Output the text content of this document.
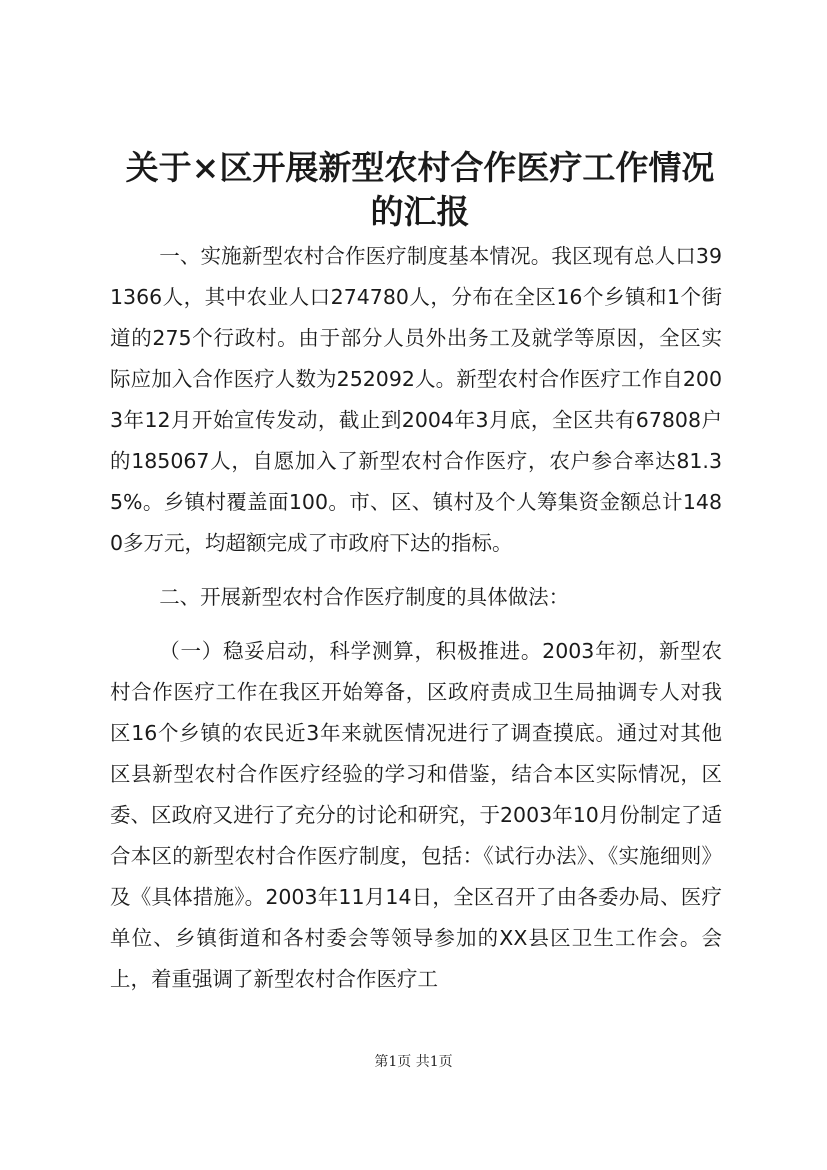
关于×区开展新型农村合作医疗工作情况的汇报

一、实施新型农村合作医疗制度基本情况。我区现有总人口391366人，其中农业人口274780人，分布在全区16个乡镇和1个街道的275个行政村。由于部分人员外出务工及就学等原因，全区实际应加入合作医疗人数为252092人。新型农村合作医疗工作自2003年12月开始宣传发动，截止到2004年3月底，全区共有67808户的185067人，自愿加入了新型农村合作医疗，农户参合率达81.35%。乡镇村覆盖面100。市、区、镇村及个人筹集资金额总计1480多万元，均超额完成了市政府下达的指标。

二、开展新型农村合作医疗制度的具体做法：

（一）稳妥启动，科学测算，积极推进。2003年初，新型农村合作医疗工作在我区开始筹备，区政府责成卫生局抽调专人对我区16个乡镇的农民近3年来就医情况进行了调查摸底。通过对其他区县新型农村合作医疗经验的学习和借鉴，结合本区实际情况，区委、区政府又进行了充分的讨论和研究，于2003年10月份制定了适合本区的新型农村合作医疗制度，包括：《试行办法》、《实施细则》及《具体措施》。2003年11月14日，全区召开了由各委办局、医疗单位、乡镇街道和各村委会等领导参加的XX县区卫生工作会。会上，着重强调了新型农村合作医疗工

第1页 共1页
